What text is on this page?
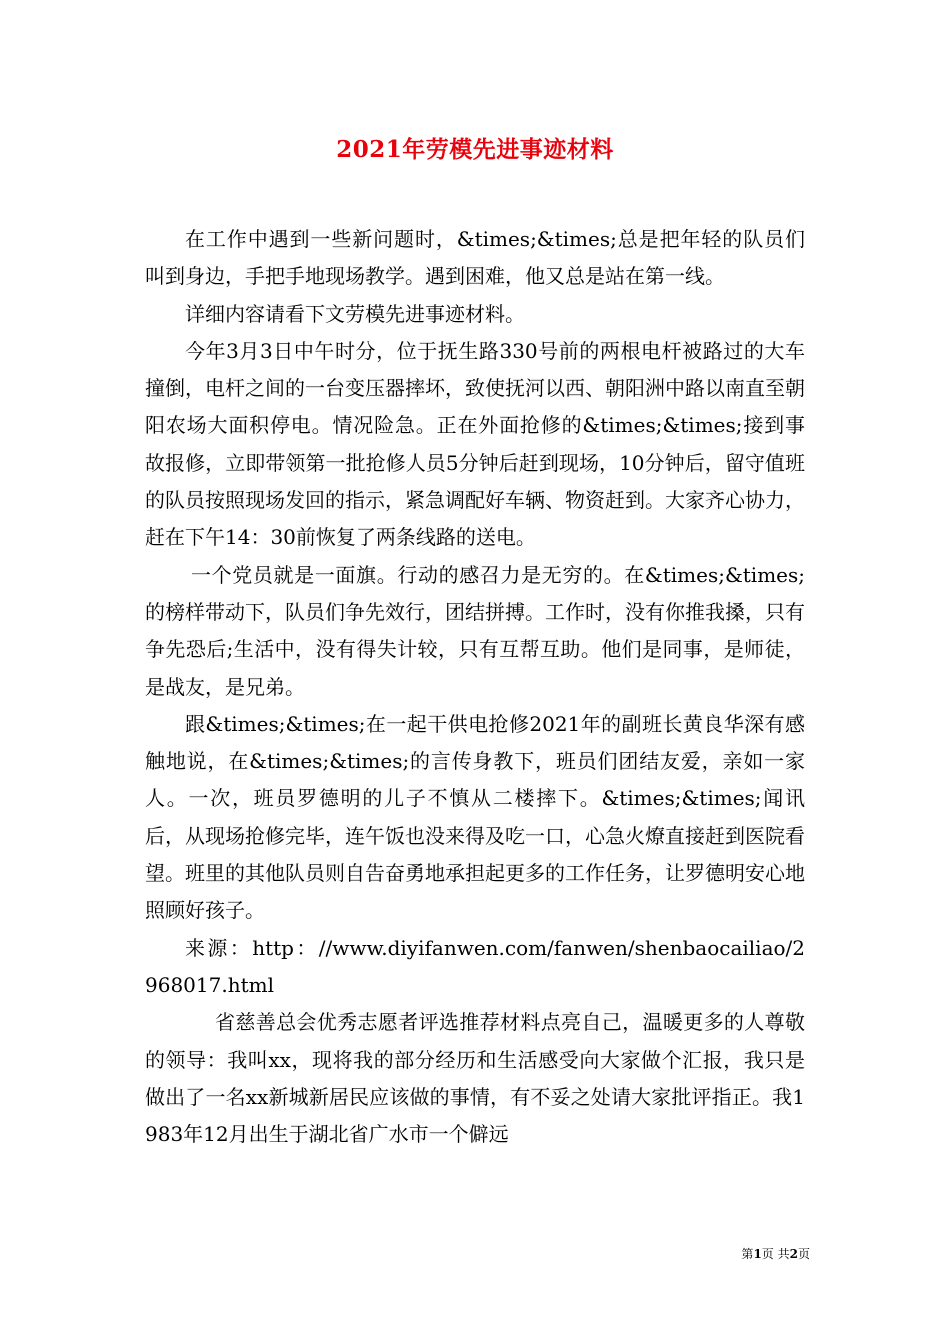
2021年劳模先进事迹材料

在工作中遇到一些新问题时，&times;&times;总是把年轻的队员们叫到身边，手把手地现场教学。遇到困难，他又总是站在第一线。

详细内容请看下文劳模先进事迹材料。

今年3月3日中午时分，位于抚生路330号前的两根电杆被路过的大车撞倒，电杆之间的一台变压器摔坏，致使抚河以西、朝阳洲中路以南直至朝阳农场大面积停电。情况险急。正在外面抢修的&times;&times;接到事故报修，立即带领第一批抢修人员5分钟后赶到现场，10分钟后，留守值班的队员按照现场发回的指示，紧急调配好车辆、物资赶到。大家齐心协力，赶在下午14：30前恢复了两条线路的送电。

一个党员就是一面旗。行动的感召力是无穷的。在&times;&times;的榜样带动下，队员们争先效行，团结拼搏。工作时，没有你推我搡，只有争先恐后;生活中，没有得失计较，只有互帮互助。他们是同事，是师徒，是战友，是兄弟。

跟&times;&times;在一起干供电抢修2021年的副班长黄良华深有感触地说，在&times;&times;的言传身教下，班员们团结友爱，亲如一家人。一次，班员罗德明的儿子不慎从二楼摔下。&times;&times;闻讯后，从现场抢修完毕，连午饭也没来得及吃一口，心急火燎直接赶到医院看望。班里的其他队员则自告奋勇地承担起更多的工作任务，让罗德明安心地照顾好孩子。

来源：http：//www.diyifanwen.com/fanwen/shenbaocailiao/2968017.html

省慈善总会优秀志愿者评选推荐材料点亮自己，温暖更多的人尊敬的领导：我叫xx，现将我的部分经历和生活感受向大家做个汇报，我只是做出了一名xx新城新居民应该做的事情，有不妥之处请大家批评指正。我1983年12月出生于湖北省广水市一个僻远

第1页 共2页
